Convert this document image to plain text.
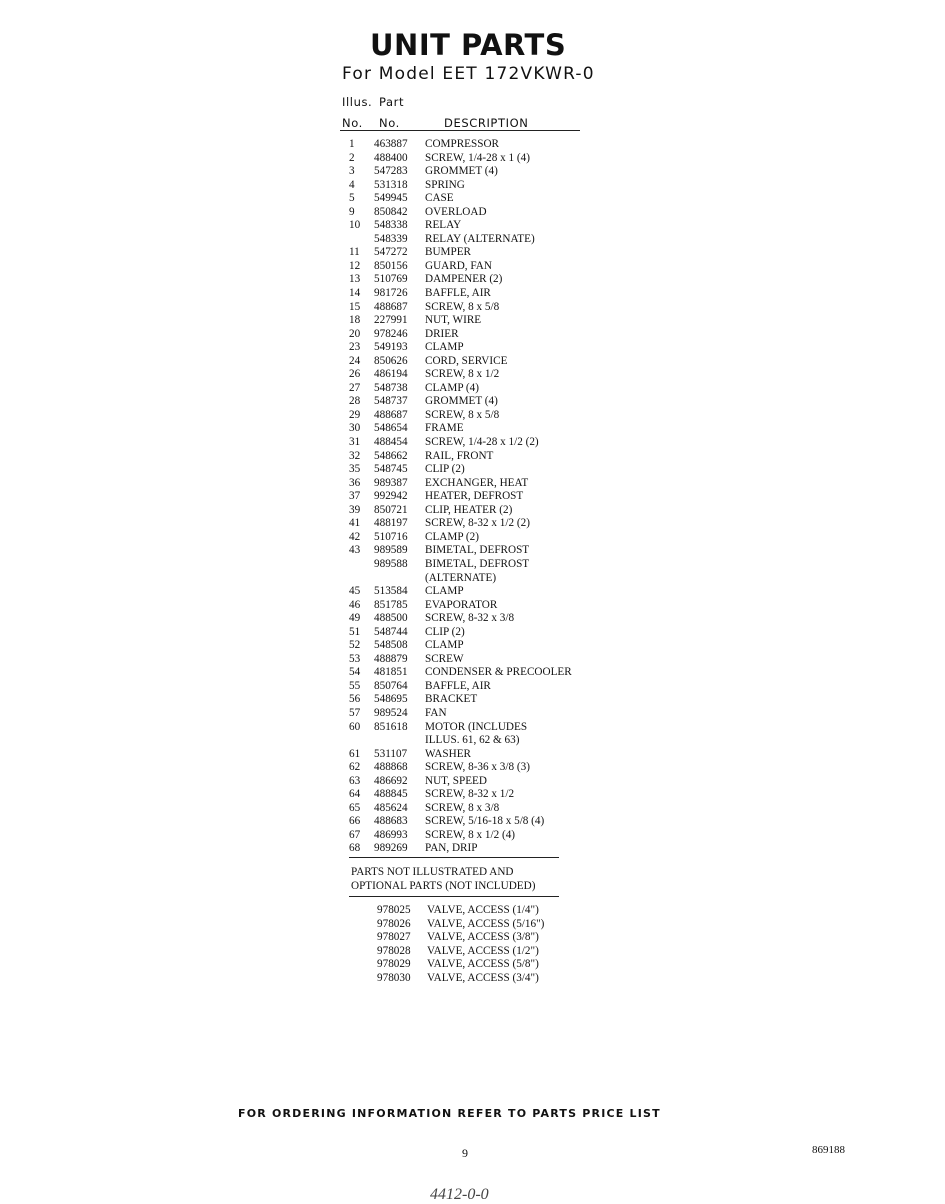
UNIT PARTS
For Model EET 172VKWR-0
Illus. Part
No. No.	DESCRIPTION
1 463887 COMPRESSOR
2 488400 SCREW, 1/4-28 x 1 (4)
3 547283 GROMMET (4)
4 531318 SPRING
5 549945 CASE
9 850842 OVERLOAD
10 548338 RELAY
548339 RELAY (ALTERNATE)
11 547272 BUMPER
12 850156 GUARD, FAN
13 510769 DAMPENER (2)
14 981726 BAFFLE, AIR
15 488687 SCREW, 8 x 5/8
18 227991 NUT, WIRE
20 978246 DRIER
23 549193 CLAMP
24 850626 CORD, SERVICE
26 486194 SCREW, 8 x 1/2
27 548738 CLAMP (4)
28 548737 GROMMET (4)
29 488687 SCREW, 8 x 5/8
30 548654 FRAME
31 488454 SCREW, 1/4-28 x 1/2 (2)
32 548662 RAIL, FRONT
35 548745 CLIP (2)
36 989387 EXCHANGER, HEAT
37 992942 HEATER, DEFROST
39 850721 CLIP, HEATER (2)
41 488197 SCREW, 8-32 x 1/2 (2)
42 510716 CLAMP (2)
43 989589 BIMETAL, DEFROST
989588 BIMETAL, DEFROST
(ALTERNATE)
45 513584 CLAMP
46 851785 EVAPORATOR
49 488500 SCREW, 8-32 x 3/8
51 548744 CLIP (2)
52 548508 CLAMP
53 488879 SCREW
54 481851 CONDENSER & PRECOOLER
55 850764 BAFFLE, AIR
56 548695 BRACKET
57 989524 FAN
60 851618 MOTOR (INCLUDES
ILLUS. 61, 62 & 63)
61 531107 WASHER
62 488868 SCREW, 8-36 x 3/8 (3)
63 486692 NUT, SPEED
64 488845 SCREW, 8-32 x 1/2
65 485624 SCREW, 8 x 3/8
66 488683 SCREW, 5/16-18 x 5/8 (4)
67 486993 SCREW, 8 x 1/2 (4)
68 989269 PAN, DRIP
PARTS NOT ILLUSTRATED AND
OPTIONAL PARTS (NOT INCLUDED)
978025 VALVE, ACCESS (1/4")
978026 VALVE, ACCESS (5/16")
978027 VALVE, ACCESS (3/8")
978028 VALVE, ACCESS (1/2")
978029 VALVE, ACCESS (5/8")
978030 VALVE, ACCESS (3/4")
FOR ORDERING INFORMATION REFER TO PARTS PRICE LIST
9	869188
4412-0-0
